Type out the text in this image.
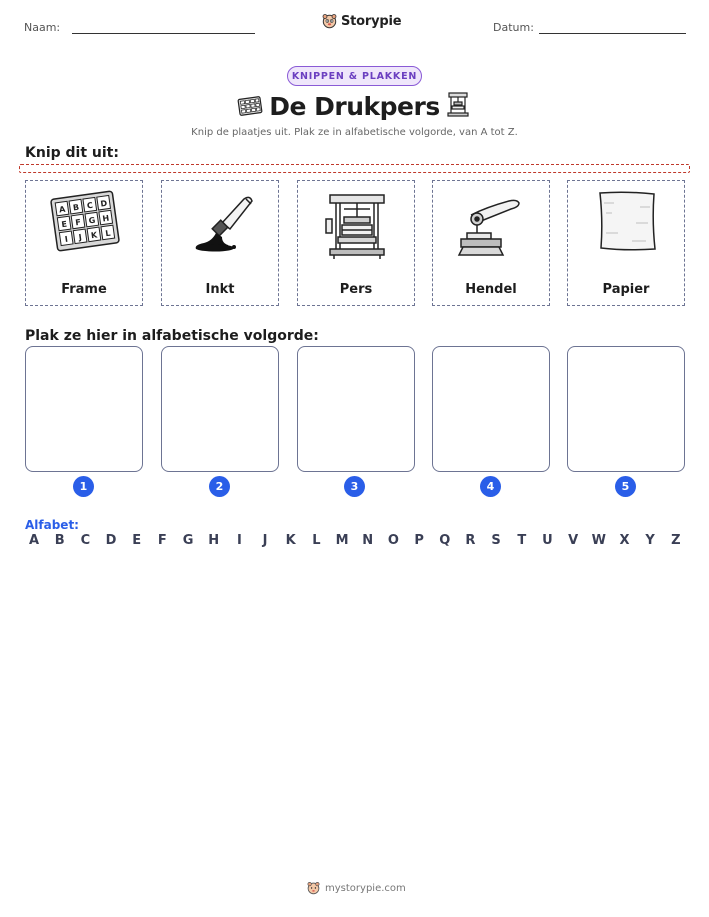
Naam:	Storypie	Datum:
KNIPPEN & PLAKKEN
De Drukpers
Knip de plaatjes uit. Plak ze in alfabetische volgorde, van A tot Z.
Knip dit uit:
A B C D
E F G H
I J K L
Frame	Inkt	Pers	Hendel	Papier
Plak ze hier in alfabetische volgorde:
1	2	3	4	5
Alfabet:
A	B	C	D	E	F	G H	I	J	K	L	M N O	P	Q	R	S	T	U	V	W	X	Y	Z
mystorypie.com
